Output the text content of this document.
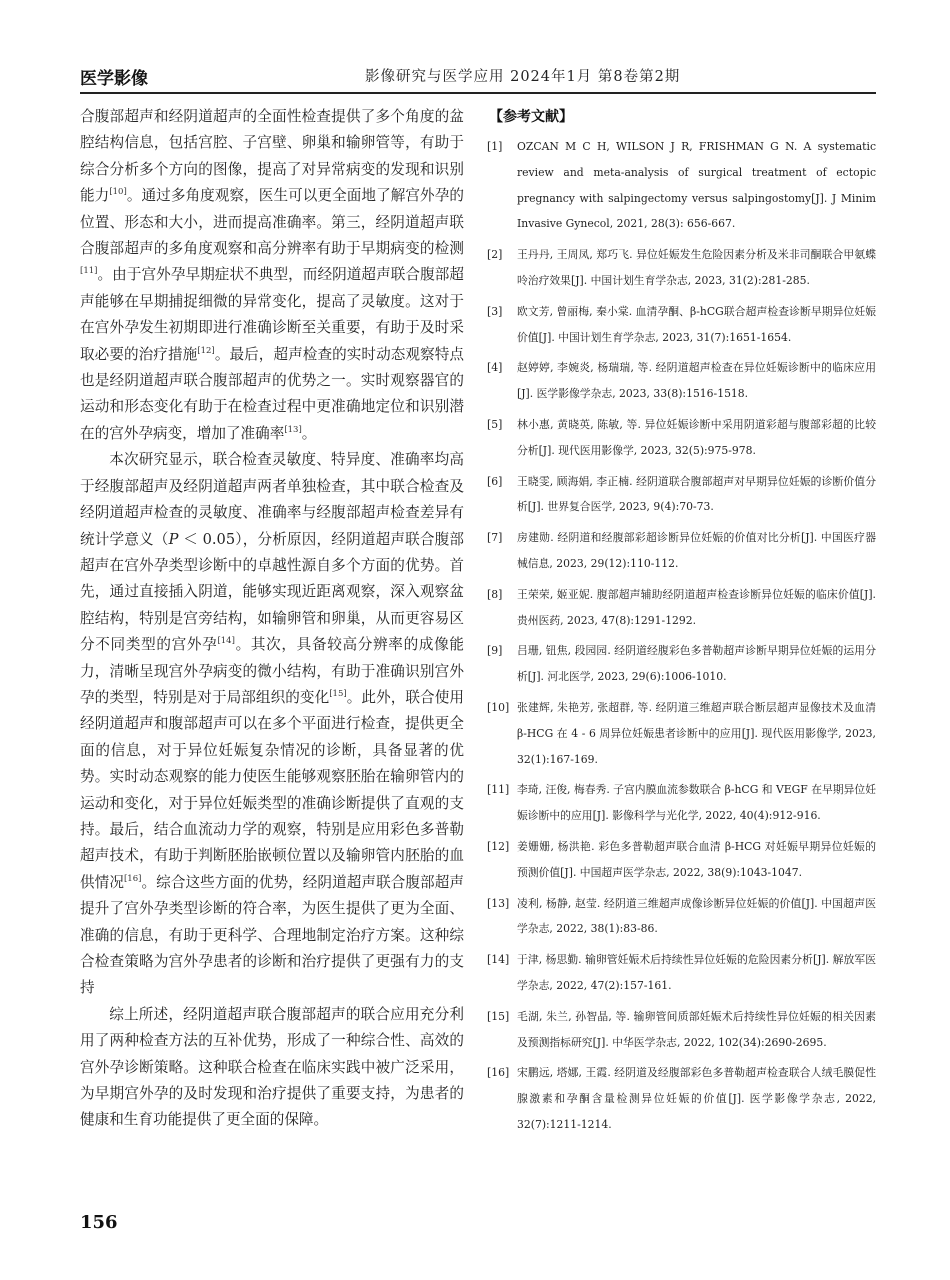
医学影像	影像研究与医学应用 2024年1月 第8卷第2期

合腹部超声和经阴道超声的全面性检查提供了多个角度的盆腔结构信息，包括宫腔、子宫壁、卵巢和输卵管等，有助于综合分析多个方向的图像，提高了对异常病变的发现和识别能力[10]。通过多角度观察，医生可以更全面地了解宫外孕的位置、形态和大小，进而提高准确率。第三，经阴道超声联合腹部超声的多角度观察和高分辨率有助于早期病变的检测[11]。由于宫外孕早期症状不典型，而经阴道超声联合腹部超声能够在早期捕捉细微的异常变化，提高了灵敏度。这对于在宫外孕发生初期即进行准确诊断至关重要，有助于及时采取必要的治疗措施[12]。最后，超声检查的实时动态观察特点也是经阴道超声联合腹部超声的优势之一。实时观察器官的运动和形态变化有助于在检查过程中更准确地定位和识别潜在的宫外孕病变，增加了准确率[13]。

本次研究显示，联合检查灵敏度、特异度、准确率均高于经腹部超声及经阴道超声两者单独检查，其中联合检查及经阴道超声检查的灵敏度、准确率与经腹部超声检查差异有统计学意义（P ＜ 0.05），分析原因，经阴道超声联合腹部超声在宫外孕类型诊断中的卓越性源自多个方面的优势。首先，通过直接插入阴道，能够实现近距离观察，深入观察盆腔结构，特别是宫旁结构，如输卵管和卵巢，从而更容易区分不同类型的宫外孕[14]。其次，具备较高分辨率的成像能力，清晰呈现宫外孕病变的微小结构，有助于准确识别宫外孕的类型，特别是对于局部组织的变化[15]。此外，联合使用经阴道超声和腹部超声可以在多个平面进行检查，提供更全面的信息，对于异位妊娠复杂情况的诊断，具备显著的优势。实时动态观察的能力使医生能够观察胚胎在输卵管内的运动和变化，对于异位妊娠类型的准确诊断提供了直观的支持。最后，结合血流动力学的观察，特别是应用彩色多普勒超声技术，有助于判断胚胎嵌顿位置以及输卵管内胚胎的血供情况[16]。综合这些方面的优势，经阴道超声联合腹部超声提升了宫外孕类型诊断的符合率，为医生提供了更为全面、准确的信息，有助于更科学、合理地制定治疗方案。这种综合检查策略为宫外孕患者的诊断和治疗提供了更强有力的支持

综上所述，经阴道超声联合腹部超声的联合应用充分利用了两种检查方法的互补优势，形成了一种综合性、高效的宫外孕诊断策略。这种联合检查在临床实践中被广泛采用，为早期宫外孕的及时发现和治疗提供了重要支持，为患者的健康和生育功能提供了更全面的保障。

【参考文献】
[1]	OZCAN M C H, WILSON J R, FRISHMAN G N. A systematic review and meta-analysis of surgical treatment of ectopic pregnancy with salpingectomy versus salpingostomy[J]. J Minim Invasive Gynecol, 2021, 28(3): 656-667.
[2]	王丹丹, 王周凤, 郑巧飞. 异位妊娠发生危险因素分析及米非司酮联合甲氨蝶呤治疗效果[J]. 中国计划生育学杂志, 2023, 31(2):281-285.
[3]	欧文芳, 曾丽梅, 秦小棠. 血清孕酮、β-hCG联合超声检查诊断早期异位妊娠价值[J]. 中国计划生育学杂志, 2023, 31(7):1651-1654.
[4]	赵婷婷, 李婉炎, 杨瑞瑞, 等. 经阴道超声检查在异位妊娠诊断中的临床应用[J]. 医学影像学杂志, 2023, 33(8):1516-1518.
[5]	林小惠, 黄晓英, 陈敏, 等. 异位妊娠诊断中采用阴道彩超与腹部彩超的比较分析[J]. 现代医用影像学, 2023, 32(5):975-978.
[6]	王晓雯, 顾海娟, 李正楠. 经阴道联合腹部超声对早期异位妊娠的诊断价值分析[J]. 世界复合医学, 2023, 9(4):70-73.
[7]	房建勋. 经阴道和经腹部彩超诊断异位妊娠的价值对比分析[J]. 中国医疗器械信息, 2023, 29(12):110-112.
[8]	王荣荣, 姬亚妮. 腹部超声辅助经阴道超声检查诊断异位妊娠的临床价值[J]. 贵州医药, 2023, 47(8):1291-1292.
[9]	吕珊, 钮焦, 段园园. 经阴道经腹彩色多普勒超声诊断早期异位妊娠的运用分析[J]. 河北医学, 2023, 29(6):1006-1010.
[10] 张建辉, 朱艳芳, 张超群, 等. 经阴道三维超声联合断层超声显像技术及血清 β-HCG 在 4 - 6 周异位妊娠患者诊断中的应用[J]. 现代医用影像学, 2023, 32(1):167-169.
[11] 李琦, 汪俊, 梅春秀. 子宫内膜血流参数联合 β-hCG 和 VEGF 在早期异位妊娠诊断中的应用[J]. 影像科学与光化学, 2022, 40(4):912-916.
[12] 姜姗姗, 杨洪艳. 彩色多普勒超声联合血清 β-HCG 对妊娠早期异位妊娠的预测价值[J]. 中国超声医学杂志, 2022, 38(9):1043-1047.
[13] 凌利, 杨静, 赵莹. 经阴道三维超声成像诊断异位妊娠的价值[J]. 中国超声医学杂志, 2022, 38(1):83-86.
[14] 于津, 杨思勤. 输卵管妊娠术后持续性异位妊娠的危险因素分析[J]. 解放军医学杂志, 2022, 47(2):157-161.
[15] 毛湖, 朱兰, 孙智晶, 等. 输卵管间质部妊娠术后持续性异位妊娠的相关因素及预测指标研究[J]. 中华医学杂志, 2022, 102(34):2690-2695.
[16] 宋鹏远, 塔娜, 王霞. 经阴道及经腹部彩色多普勒超声检查联合人绒毛膜促性腺激素和孕酮含量检测异位妊娠的价值[J]. 医学影像学杂志, 2022, 32(7):1211-1214.
156
